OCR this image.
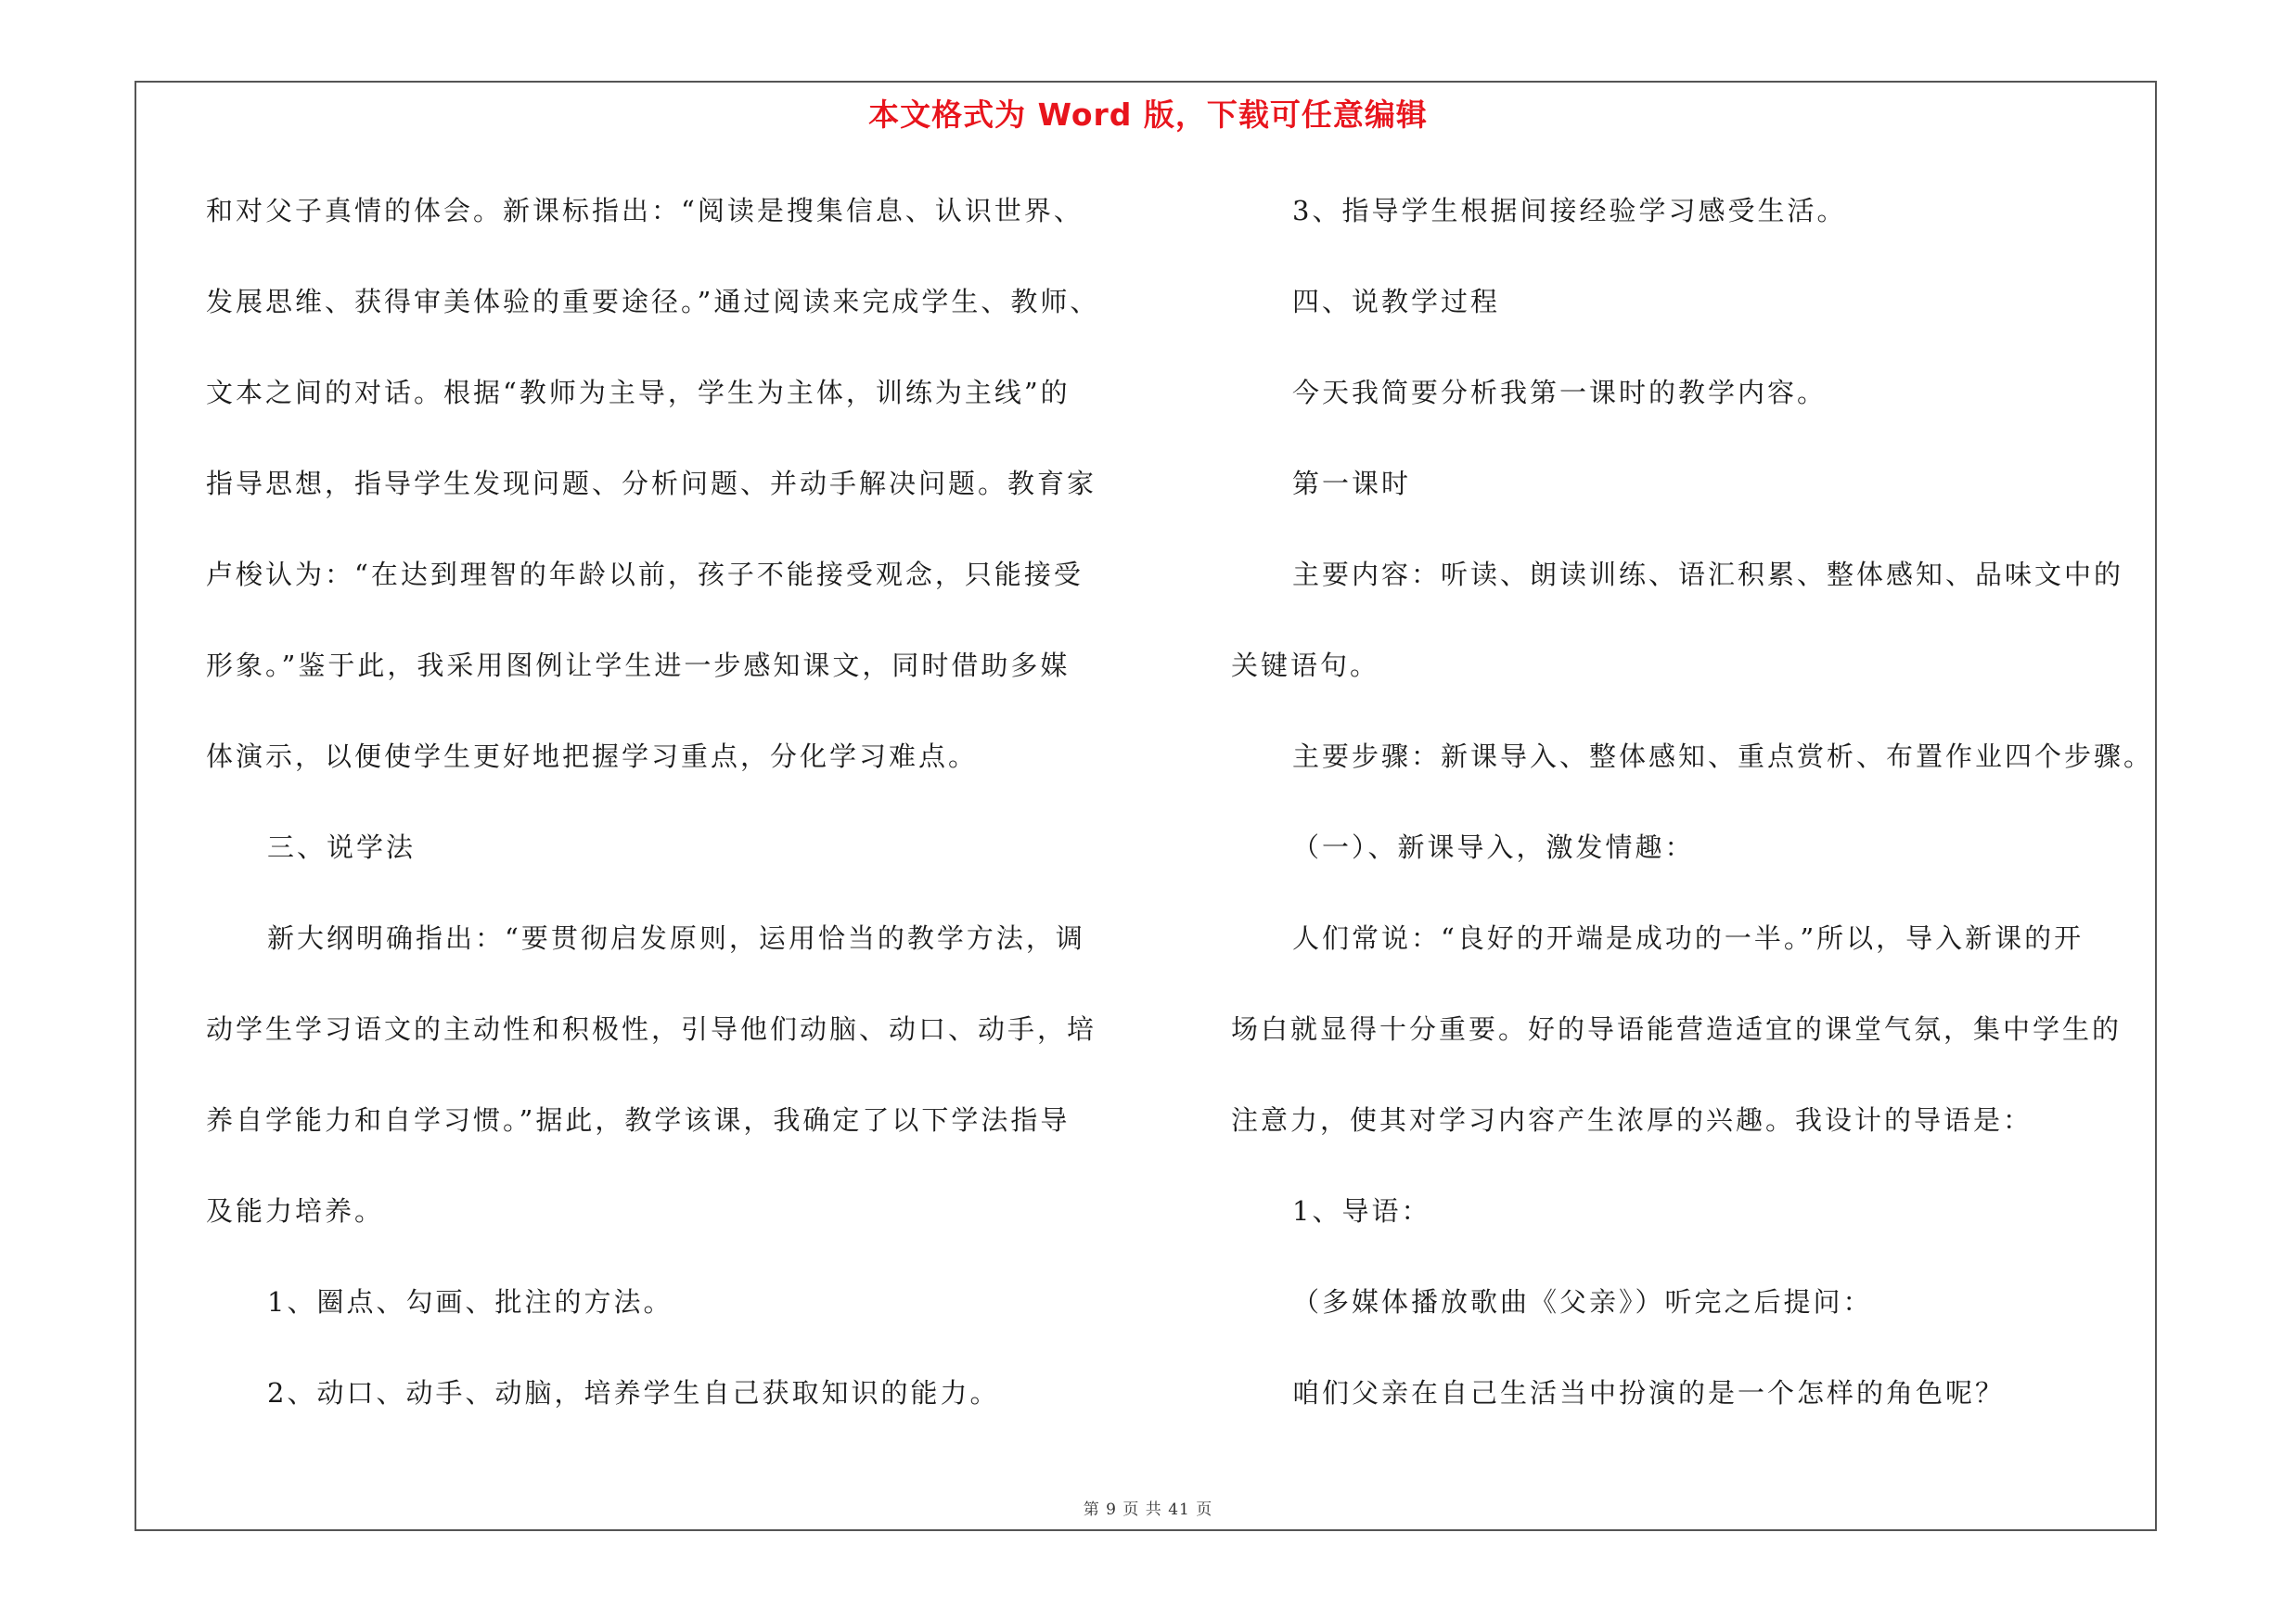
本文格式为 Word 版，下载可任意编辑
和对父子真情的体会。新课标指出：“阅读是搜集信息、认识世界、
发展思维、获得审美体验的重要途径。”通过阅读来完成学生、教师、
文本之间的对话。根据“教师为主导，学生为主体，训练为主线”的
指导思想，指导学生发现问题、分析问题、并动手解决问题。教育家
卢梭认为：“在达到理智的年龄以前，孩子不能接受观念，只能接受
形象。”鉴于此，我采用图例让学生进一步感知课文，同时借助多媒
体演示，以便使学生更好地把握学习重点，分化学习难点。
三、说学法
新大纲明确指出：“要贯彻启发原则，运用恰当的教学方法，调
动学生学习语文的主动性和积极性，引导他们动脑、动口、动手，培
养自学能力和自学习惯。”据此，教学该课，我确定了以下学法指导
及能力培养。
1、圈点、勾画、批注的方法。
2、动口、动手、动脑，培养学生自己获取知识的能力。
3、指导学生根据间接经验学习感受生活。
四、说教学过程
今天我简要分析我第一课时的教学内容。
第一课时
主要内容：听读、朗读训练、语汇积累、整体感知、品味文中的
关键语句。
主要步骤：新课导入、整体感知、重点赏析、布置作业四个步骤。
（一）、新课导入，激发情趣：
人们常说：“良好的开端是成功的一半。”所以，导入新课的开
场白就显得十分重要。好的导语能营造适宜的课堂气氛，集中学生的
注意力，使其对学习内容产生浓厚的兴趣。我设计的导语是：
1、导语：
（多媒体播放歌曲《父亲》）听完之后提问：
咱们父亲在自己生活当中扮演的是一个怎样的角色呢？
第 9 页 共 41 页
